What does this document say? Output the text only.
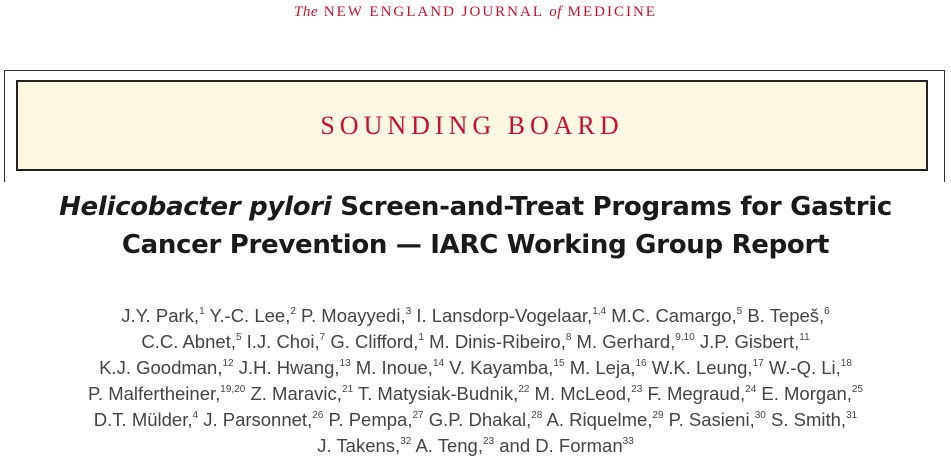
The NEW ENGLAND JOURNAL of MEDICINE
SOUNDING BOARD
Helicobacter pylori Screen-and-Treat Programs for Gastric
Cancer Prevention — IARC Working Group Report
J.Y. Park,$^1$ Y.-C. Lee,$^2$ P. Moayyedi,$^3$ I. Lansdorp-Vogelaar,$^{1,4}$ M.C. Camargo,$^5$ B. Tepeš,$^6$
C.C. Abnet,$^5$ I.J. Choi,$^7$ G. Clifford,$^1$ M. Dinis-Ribeiro,$^8$ M. Gerhard,$^{9,10}$ J.P. Gisbert,$^{11}$
K.J. Goodman,$^{12}$ J.H. Hwang,$^{13}$ M. Inoue,$^{14}$ V. Kayamba,$^{15}$ M. Leja,$^{16}$ W.K. Leung,$^{17}$ W.-Q. Li,$^{18}$
P. Malfertheiner,$^{19,20}$ Z. Maravic,$^{21}$ T. Matysiak-Budnik,$^{22}$ M. McLeod,$^{23}$ F. Megraud,$^{24}$ E. Morgan,$^{25}$
D.T. Mülder,$^4$ J. Parsonnet,$^{26}$ P. Pempa,$^{27}$ G.P. Dhakal,$^{28}$ A. Riquelme,$^{29}$ P. Sasieni,$^{30}$ S. Smith,$^{31}$
J. Takens,$^{32}$ A. Teng,$^{23}$ and D. Forman$^{33}$
